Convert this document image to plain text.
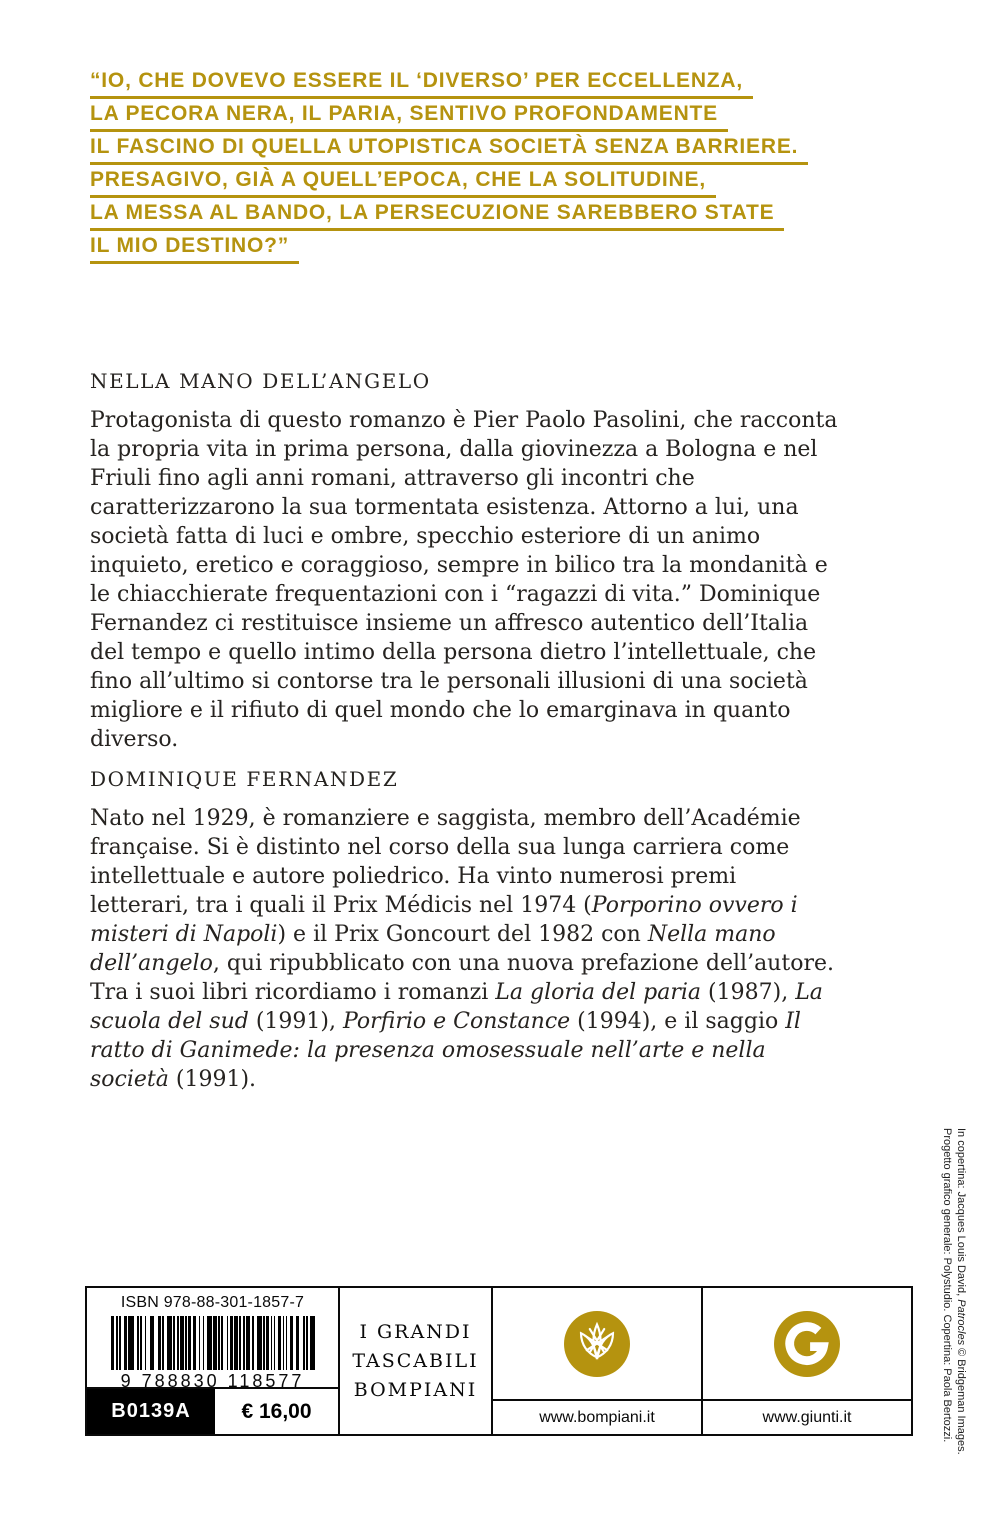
“IO, CHE DOVEVO ESSERE IL ‘DIVERSO’ PER ECCELLENZA,
LA PECORA NERA, IL PARIA, SENTIVO PROFONDAMENTE
IL FASCINO DI QUELLA UTOPISTICA SOCIETÀ SENZA BARRIERE.
PRESAGIVO, GIÀ A QUELL’EPOCA, CHE LA SOLITUDINE,
LA MESSA AL BANDO, LA PERSECUZIONE SAREBBERO STATE
IL MIO DESTINO?”
NELLA MANO DELL’ANGELO

Protagonista di questo romanzo è Pier Paolo Pasolini, che racconta la propria vita in prima persona, dalla giovinezza a Bologna e nel Friuli fino agli anni romani, attraverso gli incontri che caratterizzarono la sua tormentata esistenza. Attorno a lui, una società fatta di luci e ombre, specchio esteriore di un animo inquieto, eretico e coraggioso, sempre in bilico tra la mondanità e le chiacchierate frequentazioni con i “ragazzi di vita.” Dominique Fernandez ci restituisce insieme un affresco autentico dell’Italia del tempo e quello intimo della persona dietro l’intellettuale, che fino all’ultimo si contorse tra le personali illusioni di una società migliore e il rifiuto di quel mondo che lo emarginava in quanto diverso.

DOMINIQUE FERNANDEZ

Nato nel 1929, è romanziere e saggista, membro dell’Académie française. Si è distinto nel corso della sua lunga carriera come intellettuale e autore poliedrico. Ha vinto numerosi premi letterari, tra i quali il Prix Médicis nel 1974 (Porporino ovvero i misteri di Napoli) e il Prix Goncourt del 1982 con Nella mano dell’angelo, qui ripubblicato con una nuova prefazione dell’autore. Tra i suoi libri ricordiamo i romanzi La gloria del paria (1987), La scuola del sud (1991), Porfirio e Constance (1994), e il saggio Il ratto di Ganimede: la presenza omosessuale nell’arte e nella società (1991).

ISBN 978-88-301-1857-7
9 788830 118577
B0139A	€ 16,00
I GRANDI
TASCABILI
BOMPIANI
www.bompiani.it	www.giunti.it
In copertina: Jacques Louis David, Patrocles © Bridgeman Images.
Progetto grafico generale: Polystudio. Copertina: Paola Bertozzi.
